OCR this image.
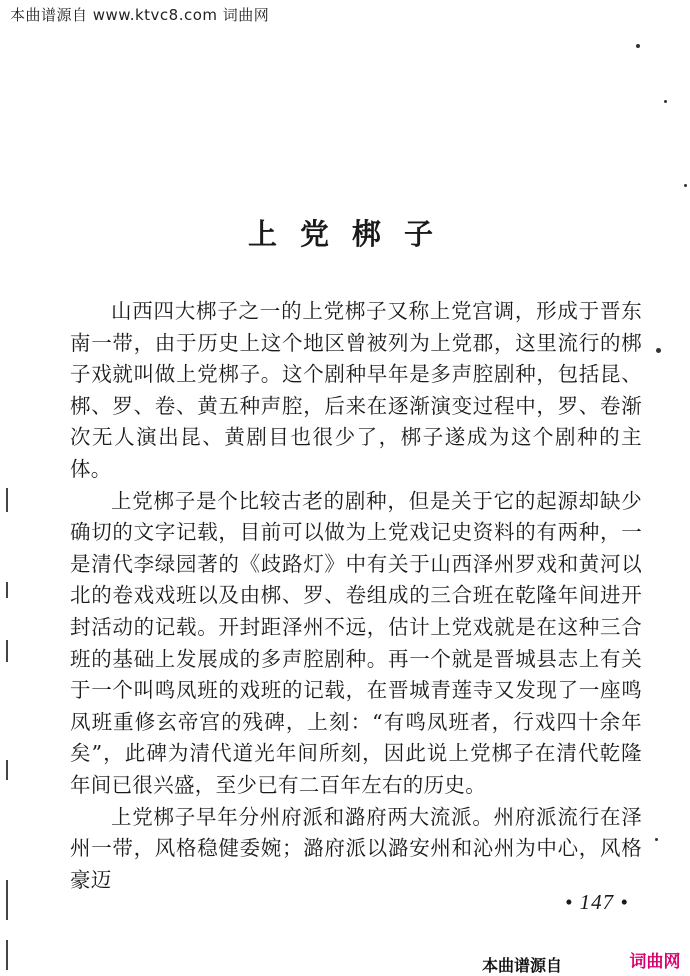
本曲谱源自 www.ktvc8.com 词曲网
上党梆子

山西四大梆子之一的上党梆子又称上党宫调，形成于晋东南一带，由于历史上这个地区曾被列为上党郡，这里流行的梆子戏就叫做上党梆子。这个剧种早年是多声腔剧种，包括昆、梆、罗、卷、黄五种声腔，后来在逐渐演变过程中，罗、卷渐次无人演出昆、黄剧目也很少了，梆子遂成为这个剧种的主体。

上党梆子是个比较古老的剧种，但是关于它的起源却缺少确切的文字记载，目前可以做为上党戏记史资料的有两种，一是清代李绿园著的《歧路灯》中有关于山西泽州罗戏和黄河以北的卷戏戏班以及由梆、罗、卷组成的三合班在乾隆年间进开封活动的记载。开封距泽州不远，估计上党戏就是在这种三合班的基础上发展成的多声腔剧种。再一个就是晋城县志上有关于一个叫鸣凤班的戏班的记载，在晋城青莲寺又发现了一座鸣凤班重修玄帝宫的残碑，上刻：“有鸣凤班者，行戏四十余年矣”，此碑为清代道光年间所刻，因此说上党梆子在清代乾隆年间已很兴盛，至少已有二百年左右的历史。

上党梆子早年分州府派和潞府两大流派。州府派流行在泽州一带，风格稳健委婉；潞府派以潞安州和沁州为中心，风格豪迈

• 147 •
本曲谱源自	词曲网
